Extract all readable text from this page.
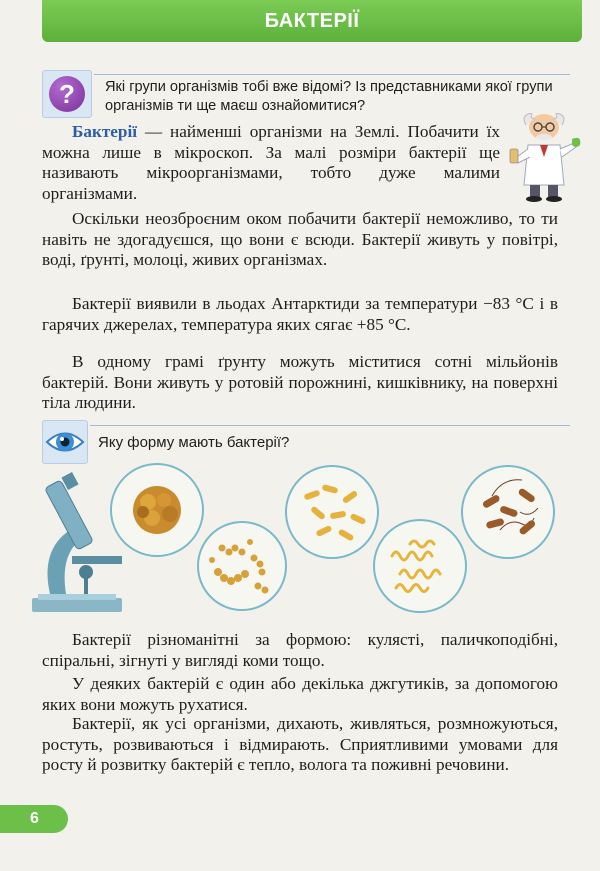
БАКТЕРІЇ
?	Які групи організмів тобі вже відомі? Із представниками якої групи організмів ти ще маєш ознайомитися?
Бактерії — найменші організми на Землі. Побачити їх можна лише в мікроскоп. За малі розміри бактерії ще називають мікроорганізмами, тобто дуже малими організмами.
Оскільки неозброєним оком побачити бактерії неможливо, то ти навіть не здогадуєшся, що вони є всюди. Бактерії живуть у повітрі, воді, ґрунті, молоці, живих організмах.
Бактерії виявили в льодах Антарктиди за температури −83 °С і в гарячих джерелах, температура яких сягає +85 °С.
В одному грамі ґрунту можуть міститися сотні мільйонів бактерій. Вони живуть у ротовій порожнині, кишківнику, на поверхні тіла людини.
Яку форму мають бактерії?
Бактерії різноманітні за формою: кулясті, паличкоподібні, спіральні, зігнуті у вигляді коми тощо.
У деяких бактерій є один або декілька джгутиків, за допомогою яких вони можуть рухатися.
Бактерії, як усі організми, дихають, живляться, розмножуються, ростуть, розвиваються і відмирають. Сприятливими умовами для росту й розвитку бактерій є тепло, волога та поживні речовини.
6
